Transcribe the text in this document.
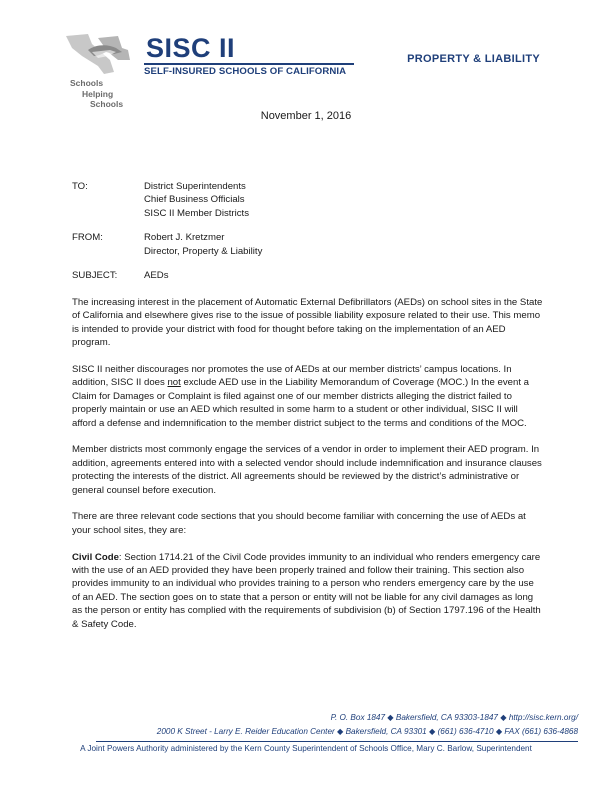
SISC II
SELF-INSURED SCHOOLS OF CALIFORNIA
Schools
Helping
Schools
PROPERTY & LIABILITY
November 1, 2016
TO:	District Superintendents
Chief Business Officials
SISC II Member Districts
FROM:	Robert J. Kretzmer
Director, Property & Liability
SUBJECT:	AEDs

The increasing interest in the placement of Automatic External Defibrillators (AEDs) on school sites in the State of California and elsewhere gives rise to the issue of possible liability exposure related to their use. This memo is intended to provide your district with food for thought before taking on the implementation of an AED program.

SISC II neither discourages nor promotes the use of AEDs at our member districts’ campus locations. In addition, SISC II does not exclude AED use in the Liability Memorandum of Coverage (MOC.) In the event a Claim for Damages or Complaint is filed against one of our member districts alleging the district failed to properly maintain or use an AED which resulted in some harm to a student or other individual, SISC II will afford a defense and indemnification to the member district subject to the terms and conditions of the MOC.

Member districts most commonly engage the services of a vendor in order to implement their AED program. In addition, agreements entered into with a selected vendor should include indemnification and insurance clauses protecting the interests of the district. All agreements should be reviewed by the district’s administrative or general counsel before execution.

There are three relevant code sections that you should become familiar with concerning the use of AEDs at your school sites, they are:

Civil Code: Section 1714.21 of the Civil Code provides immunity to an individual who renders emergency care with the use of an AED provided they have been properly trained and follow their training. This section also provides immunity to an individual who provides training to a person who renders emergency care by the use of an AED. The section goes on to state that a person or entity will not be liable for any civil damages as long as the person or entity has complied with the requirements of subdivision (b) of Section 1797.196 of the Health & Safety Code.

P. O. Box 1847 ◆ Bakersfield, CA 93303-1847 ◆ http://sisc.kern.org/
2000 K Street - Larry E. Reider Education Center ◆ Bakersfield, CA 93301 ◆ (661) 636-4710 ◆ FAX (661) 636-4868
A Joint Powers Authority administered by the Kern County Superintendent of Schools Office, Mary C. Barlow, Superintendent
